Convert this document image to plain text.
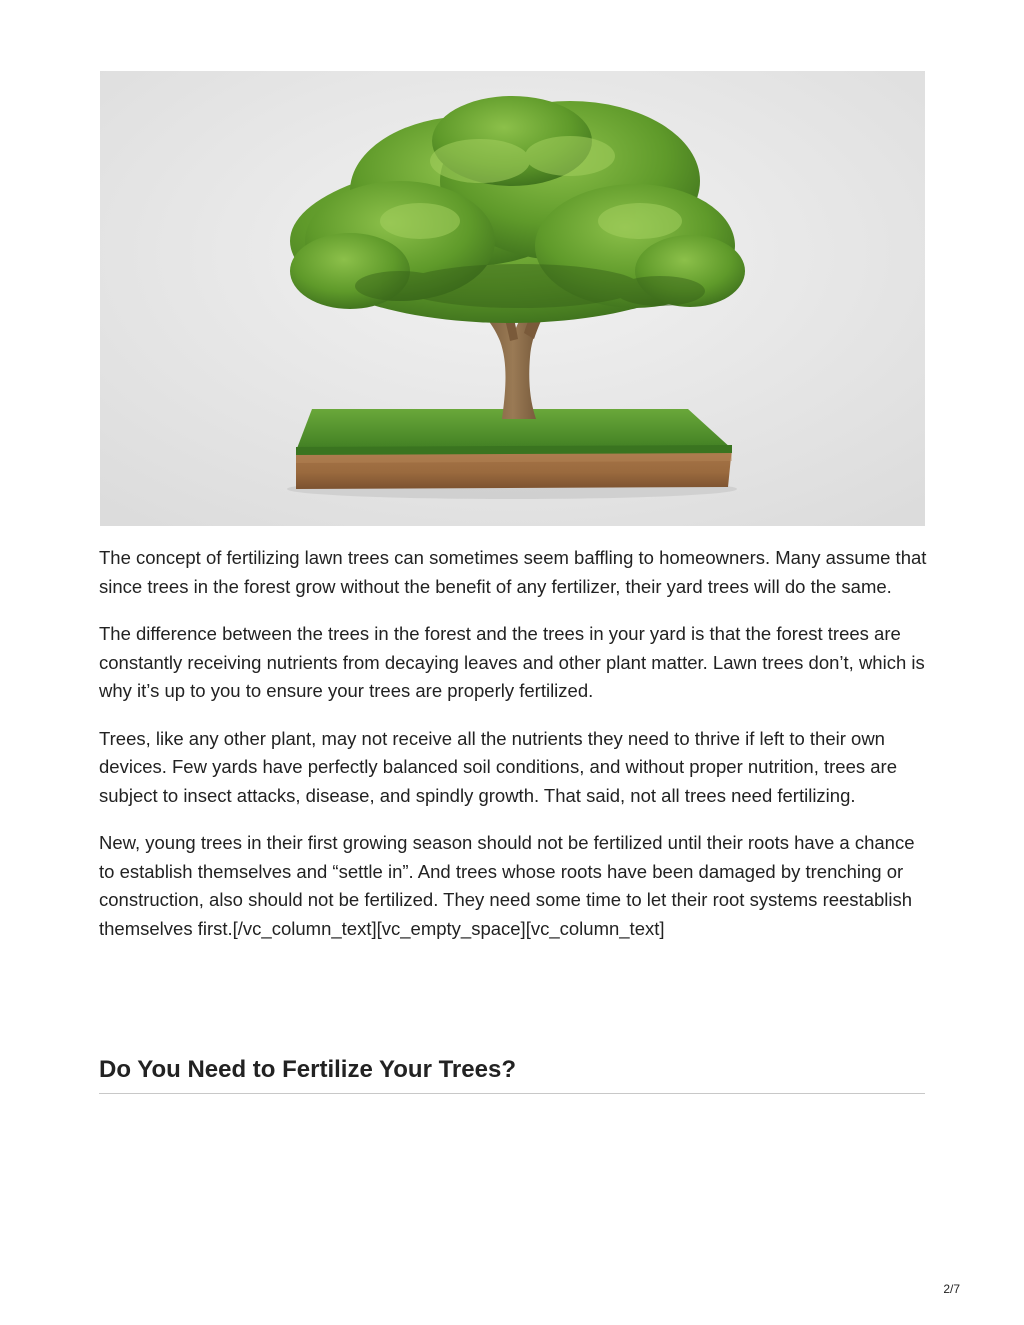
The concept of fertilizing lawn trees can sometimes seem baffling to homeowners. Many assume that since trees in the forest grow without the benefit of any fertilizer, their yard trees will do the same.

The difference between the trees in the forest and the trees in your yard is that the forest trees are constantly receiving nutrients from decaying leaves and other plant matter. Lawn trees don’t, which is why it’s up to you to ensure your trees are properly fertilized.

Trees, like any other plant, may not receive all the nutrients they need to thrive if left to their own devices. Few yards have perfectly balanced soil conditions, and without proper nutrition, trees are subject to insect attacks, disease, and spindly growth. That said, not all trees need fertilizing.

New, young trees in their first growing season should not be fertilized until their roots have a chance to establish themselves and “settle in”. And trees whose roots have been damaged by trenching or construction, also should not be fertilized. They need some time to let their root systems reestablish themselves first.[/vc_column_text][vc_empty_space][vc_column_text]

Do You Need to Fertilize Your Trees?
2/7
